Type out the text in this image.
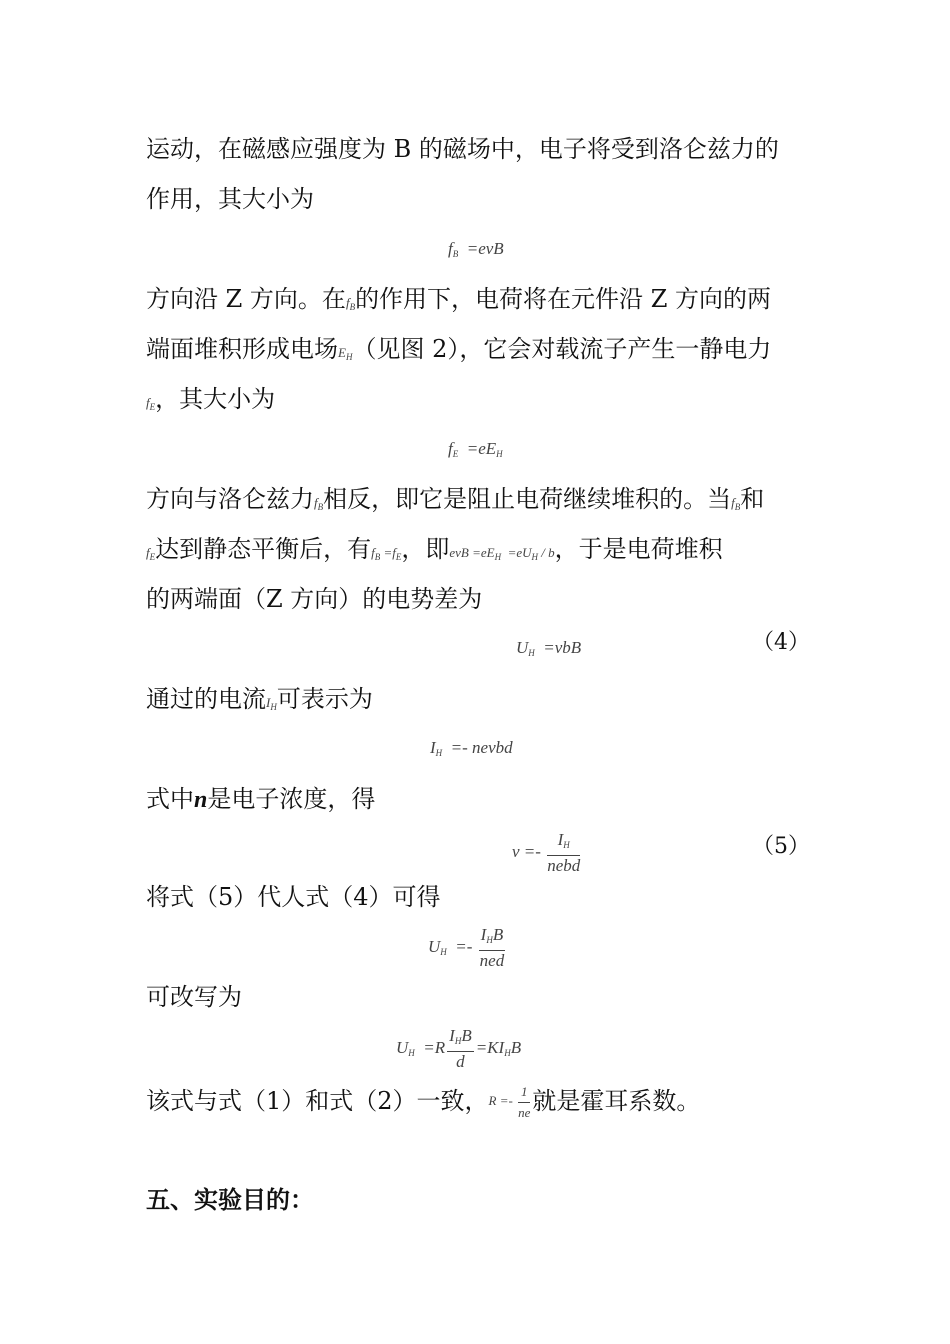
运动，在磁感应强度为 B 的磁场中，电子将受到洛仑兹力的
作用，其大小为
$f_B =evB$
方向沿 Z 方向。在$f_B$的作用下，电荷将在元件沿 Z 方向的两
端面堆积形成电场$E_H$（见图 2），它会对载流子产生一静电力
$f_E$，其大小为
$f_E =eE_H$
方向与洛仑兹力$f_B$相反，即它是阻止电荷继续堆积的。当$f_B$和
$f_E$达到静态平衡后，有$f_B =f_E$，即evB $=eE_H =eU_H / b$，于是电荷堆积
的两端面（Z 方向）的电势差为
$U_H =vbB$	（4）
通过的电流$I_H$可表示为
$I_H$  =- nevbd
式中n是电子浓度，得
$v =- \frac{I_H}{\text{nebd}}$	（5）
将式（5）代人式（4）可得
$U_H =- \frac{I_HB}{\text{ned}}$
可改写为
$U_H =R \frac{I_HB}{d} =KI_HB$
该式与式（1）和式（2）一致，$R =- \frac{1}{ne}$ 就是霍耳系数。
五、实验目的：
